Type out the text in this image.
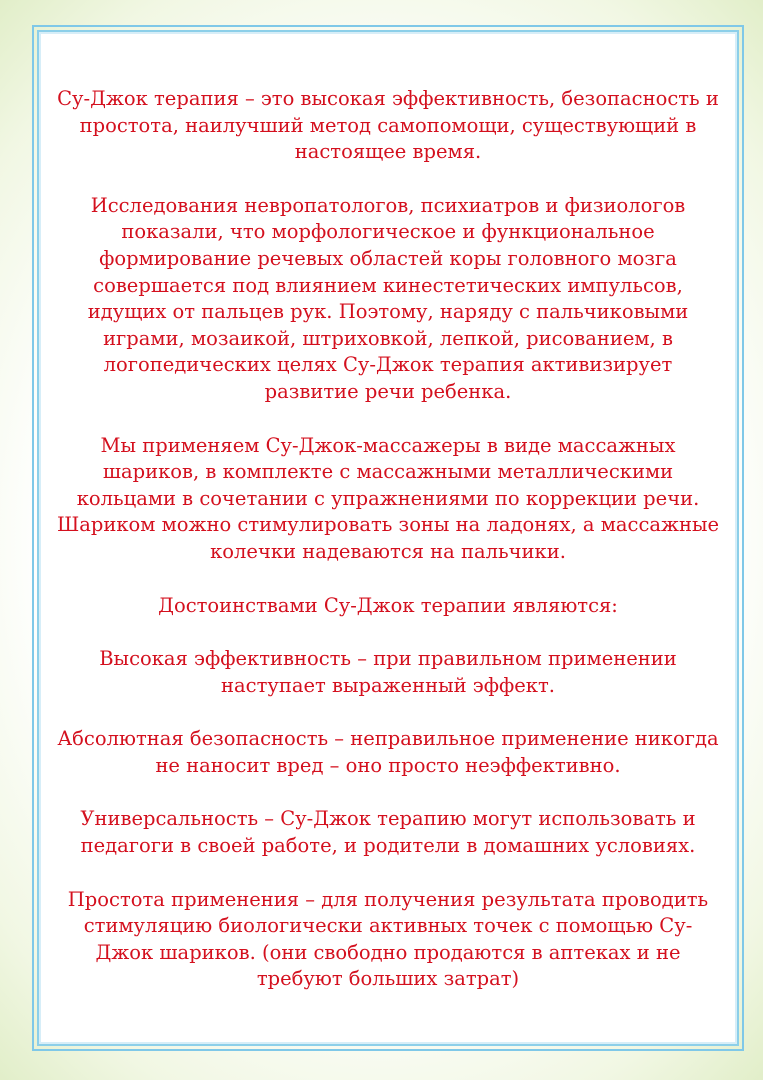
Су-Джок терапия – это высокая эффективность, безопасность и простота, наилучший метод самопомощи, существующий в настоящее время.

Исследования невропатологов, психиатров и физиологов показали, что морфологическое и функциональное формирование речевых областей коры головного мозга совершается под влиянием кинестетических импульсов, идущих от пальцев рук. Поэтому, наряду с пальчиковыми играми, мозаикой, штриховкой, лепкой, рисованием, в логопедических целях Су-Джок терапия активизирует развитие речи ребенка.

Мы применяем Су-Джок-массажеры в виде массажных шариков, в комплекте с массажными металлическими кольцами в сочетании с упражнениями по коррекции речи. Шариком можно стимулировать зоны на ладонях, а массажные колечки надеваются на пальчики.

Достоинствами Су-Джок терапии являются:

Высокая эффективность – при правильном применении наступает выраженный эффект.

Абсолютная безопасность – неправильное применение никогда не наносит вред – оно просто неэффективно.

Универсальность – Су-Джок терапию могут использовать и педагоги в своей работе, и родители в домашних условиях.

Простота применения – для получения результата проводить стимуляцию биологически активных точек с помощью Су-Джок шариков. (они свободно продаются в аптеках и не требуют больших затрат)
